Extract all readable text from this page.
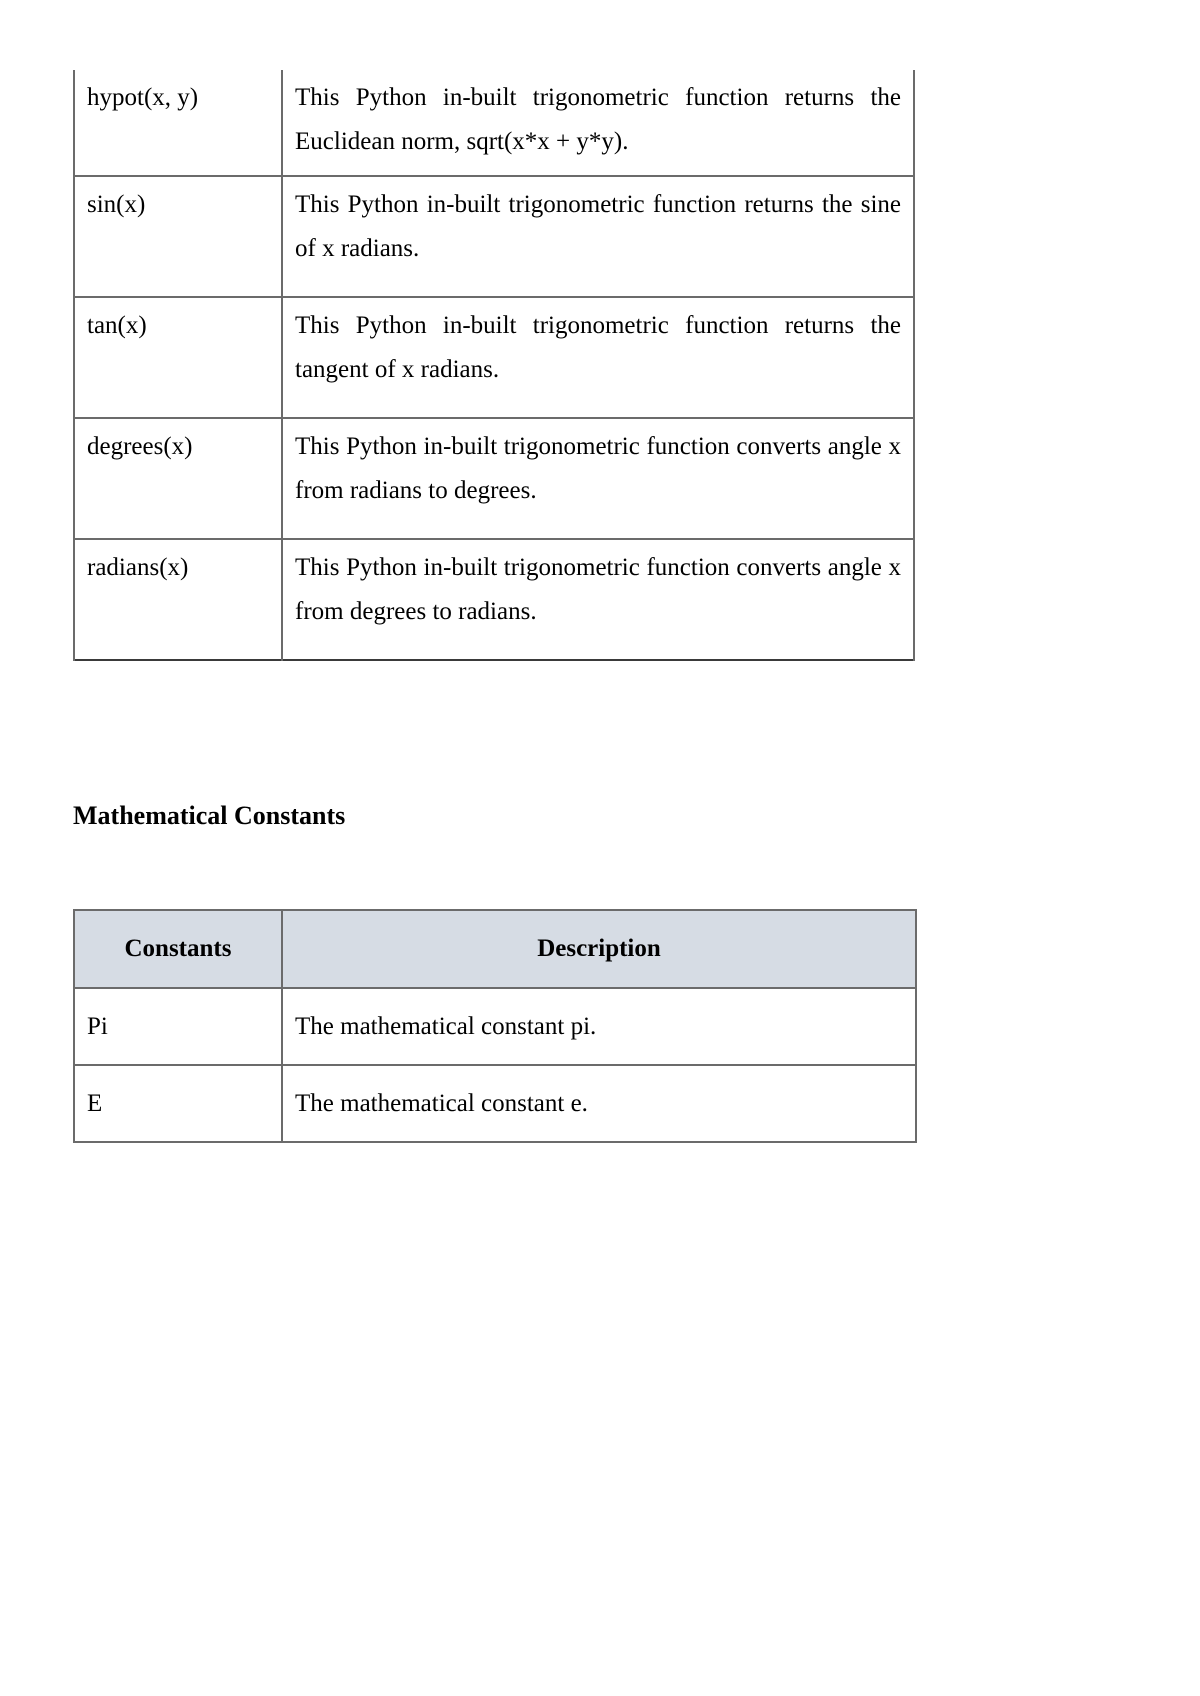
hypot(x, y)	This Python in-built trigonometric function returns the Euclidean norm, sqrt(x*x + y*y).
sin(x)	This Python in-built trigonometric function returns the sine of x radians.
tan(x)	This Python in-built trigonometric function returns the tangent of x radians.
degrees(x)	This Python in-built trigonometric function converts angle x from radians to degrees.
radians(x)	This Python in-built trigonometric function converts angle x from degrees to radians.
Mathematical Constants
Constants	Description
Pi	The mathematical constant pi.
E	The mathematical constant e.
